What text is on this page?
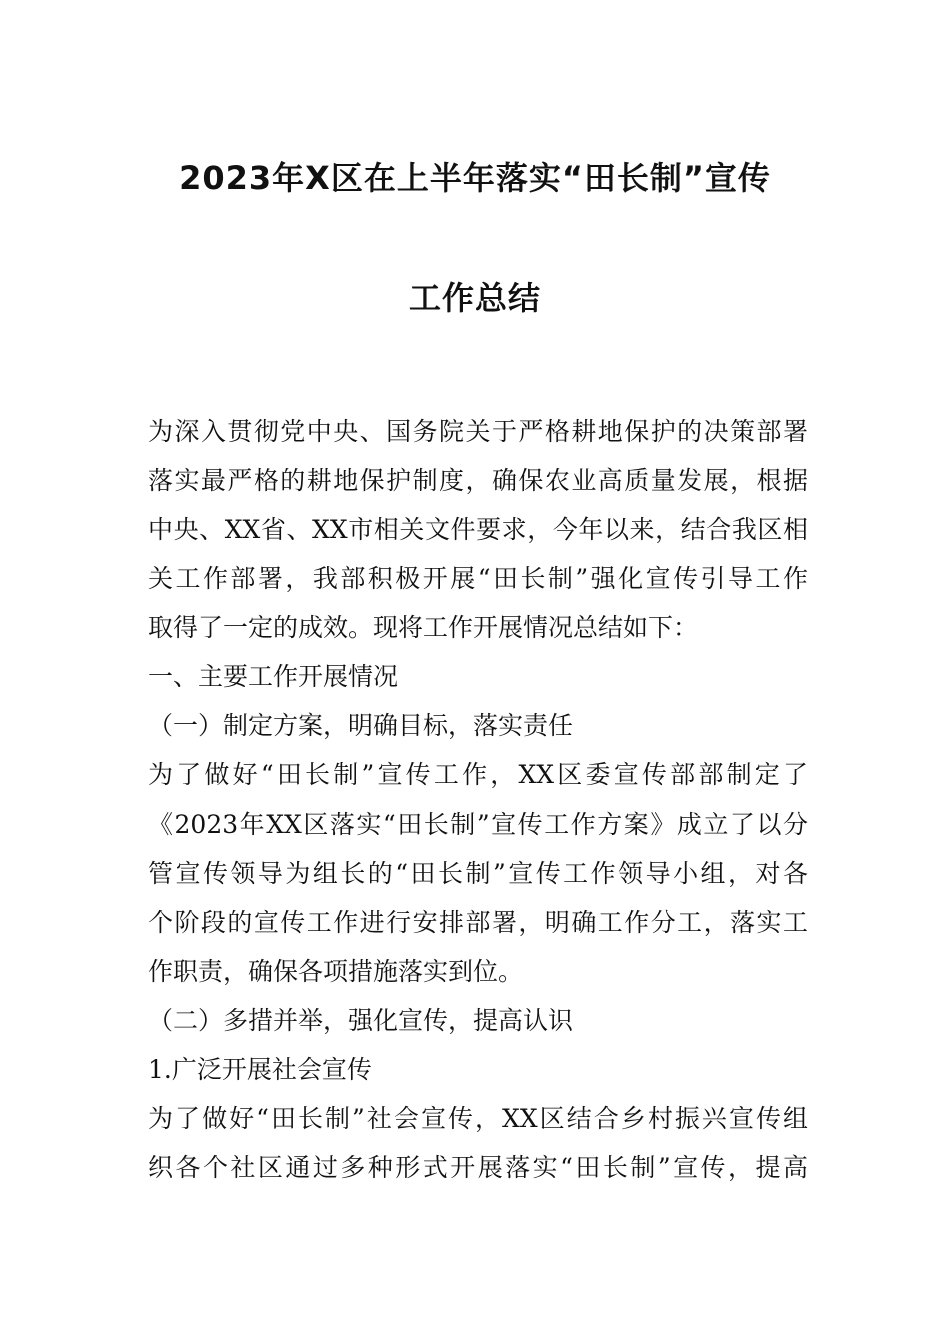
2023年X区在上半年落实“田长制”宣传
工作总结
为深入贯彻党中央、国务院关于严格耕地保护的决策部署
落实最严格的耕地保护制度，确保农业高质量发展，根据
中央、XX省、XX市相关文件要求，今年以来，结合我区相
关工作部署，我部积极开展“田长制”强化宣传引导工作
取得了一定的成效。现将工作开展情况总结如下：
一、主要工作开展情况
（一）制定方案，明确目标，落实责任
为了做好“田长制”宣传工作，XX区委宣传部部制定了
《2023年XX区落实“田长制”宣传工作方案》成立了以分
管宣传领导为组长的“田长制”宣传工作领导小组，对各
个阶段的宣传工作进行安排部署，明确工作分工，落实工
作职责，确保各项措施落实到位。
（二）多措并举，强化宣传，提高认识
1.广泛开展社会宣传
为了做好“田长制”社会宣传，XX区结合乡村振兴宣传组
织各个社区通过多种形式开展落实“田长制”宣传，提高
